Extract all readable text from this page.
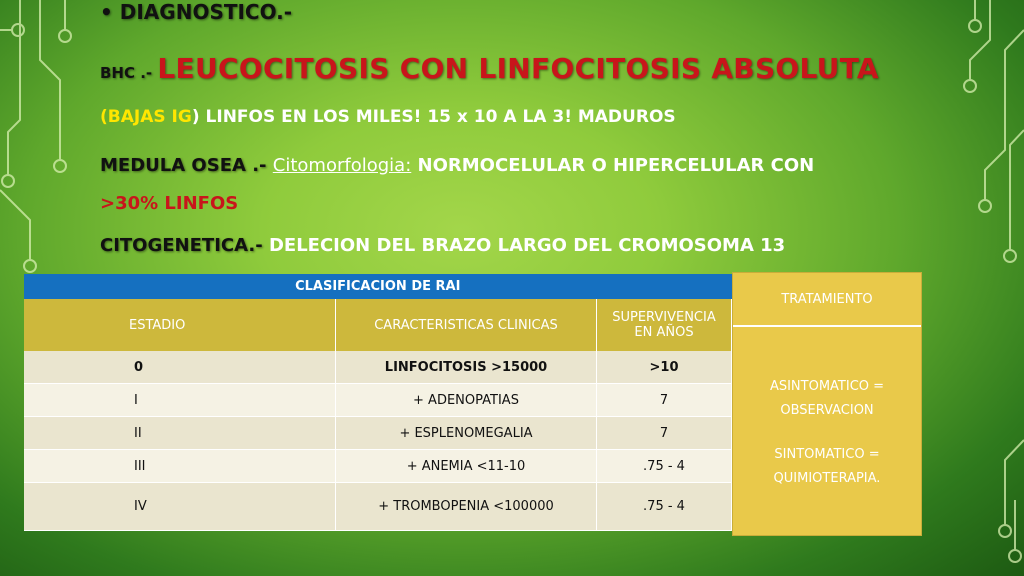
• DIAGNOSTICO.-
BHC .- LEUCOCITOSIS CON LINFOCITOSIS ABSOLUTA
(BAJAS IG) LINFOS EN LOS MILES! 15 x 10 A LA 3! MADUROS
MEDULA OSEA .- Citomorfologia: NORMOCELULAR O HIPERCELULAR CON
>30% LINFOS
CITOGENETICA.- DELECION DEL BRAZO LARGO DEL CROMOSOMA 13
CLASIFICACION DE RAI		
ESTADIO	CARACTERISTICAS CLINICAS	SUPERVIVENCIA EN AÑOS
0	LINFOCITOSIS >15000	>10
I	+ ADENOPATIAS	7
II	+ ESPLENOMEGALIA	7
III	+ ANEMIA <11-10	.75 - 4
IV	+ TROMBOPENIA <100000	.75 - 4
TRATAMIENTO

ASINTOMATICO =
OBSERVACION

SINTOMATICO =
QUIMIOTERAPIA.
